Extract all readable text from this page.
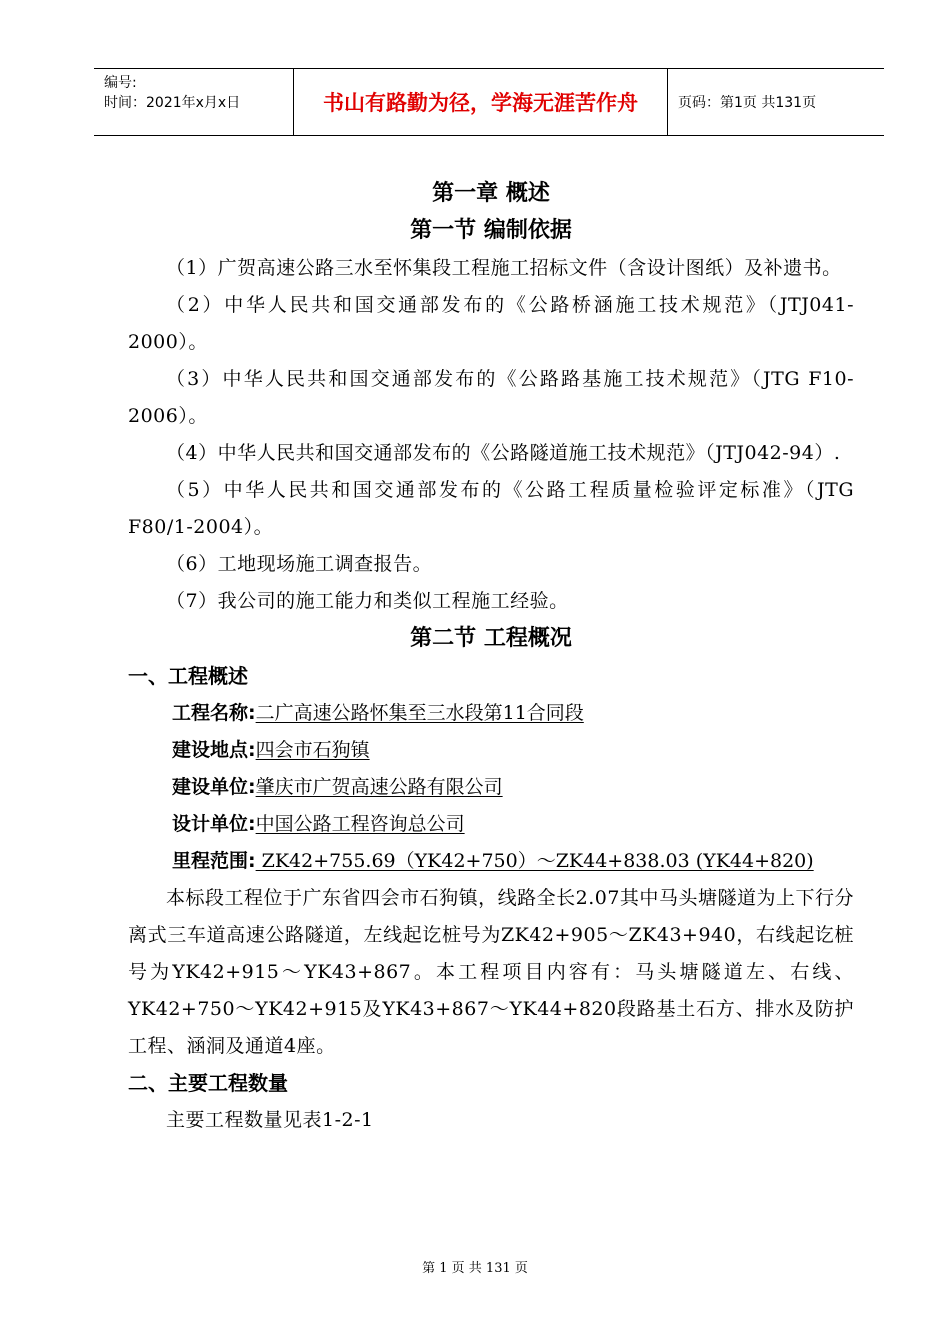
编号:
时间：2021年x月x日	书山有路勤为径，学海无涯苦作舟	页码：第1页 共131页
第一章 概述
第一节 编制依据

（1）广贺高速公路三水至怀集段工程施工招标文件（含设计图纸）及补遗书。

（2）中华人民共和国交通部发布的《公路桥涵施工技术规范》（JTJ041-2000）。

（3）中华人民共和国交通部发布的《公路路基施工技术规范》（JTG F10-2006）。

（4）中华人民共和国交通部发布的《公路隧道施工技术规范》（JTJ042-94）.

（5）中华人民共和国交通部发布的《公路工程质量检验评定标准》（JTG F80/1-2004）。

（6）工地现场施工调查报告。

（7）我公司的施工能力和类似工程施工经验。

第二节 工程概况
一、工程概述
工程名称:二广高速公路怀集至三水段第11合同段
建设地点:四会市石狗镇
建设单位:肇庆市广贺高速公路有限公司
设计单位:中国公路工程咨询总公司
里程范围: ZK42+755.69（YK42+750）～ZK44+838.03 (YK44+820)

本标段工程位于广东省四会市石狗镇，线路全长2.07其中马头塘隧道为上下行分离式三车道高速公路隧道，左线起讫桩号为ZK42+905～ZK43+940，右线起讫桩号为YK42+915～YK43+867。本工程项目内容有：马头塘隧道左、右线、YK42+750～YK42+915及YK43+867～YK44+820段路基土石方、排水及防护工程、涵洞及通道4座。

二、主要工程数量

主要工程数量见表1-2-1

第 1 页 共 131 页
